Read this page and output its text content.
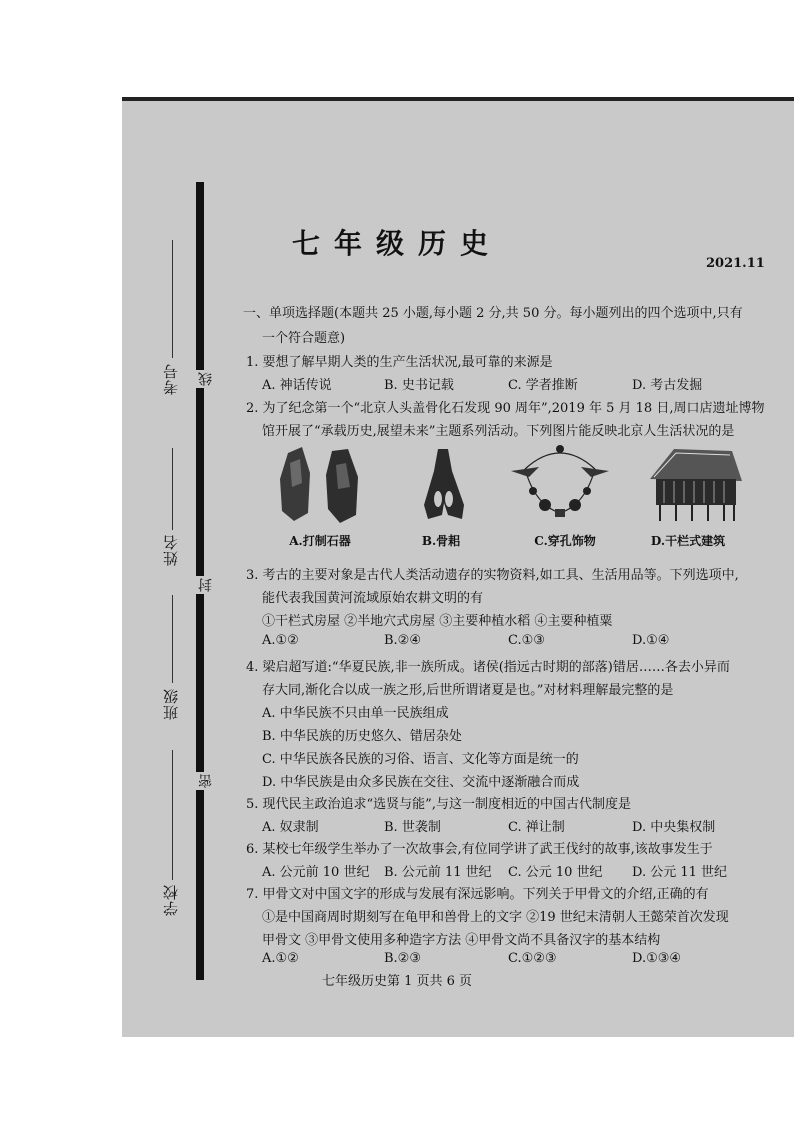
考号
姓名
班级
学校
线
封
密
七年级历史
2021.11
一、单项选择题(本题共 25 小题,每小题 2 分,共 50 分。每小题列出的四个选项中,只有
一个符合题意)
1. 要想了解早期人类的生产生活状况,最可靠的来源是
A. 神话传说	B. 史书记载	C. 学者推断	D. 考古发掘
2. 为了纪念第一个“北京人头盖骨化石发现 90 周年”,2019 年 5 月 18 日,周口店遗址博物
馆开展了“承载历史,展望未来”主题系列活动。下列图片能反映北京人生活状况的是
A.打制石器	B.骨耜	C.穿孔饰物	D.干栏式建筑
3. 考古的主要对象是古代人类活动遗存的实物资料,如工具、生活用品等。下列选项中,
能代表我国黄河流域原始农耕文明的有
①干栏式房屋 ②半地穴式房屋 ③主要种植水稻 ④主要种植粟
A.①②	B.②④	C.①③	D.①④
4. 梁启超写道:“华夏民族,非一族所成。诸侯(指远古时期的部落)错居……各去小异而
存大同,渐化合以成一族之形,后世所谓诸夏是也。”对材料理解最完整的是
A. 中华民族不只由单一民族组成
B. 中华民族的历史悠久、错居杂处
C. 中华民族各民族的习俗、语言、文化等方面是统一的
D. 中华民族是由众多民族在交往、交流中逐渐融合而成
5. 现代民主政治追求“选贤与能”,与这一制度相近的中国古代制度是
A. 奴隶制	B. 世袭制	C. 禅让制	D. 中央集权制
6. 某校七年级学生举办了一次故事会,有位同学讲了武王伐纣的故事,该故事发生于
A. 公元前 10 世纪 B. 公元前 11 世纪 C. 公元 10 世纪 D. 公元 11 世纪
7. 甲骨文对中国文字的形成与发展有深远影响。下列关于甲骨文的介绍,正确的有
①是中国商周时期刻写在龟甲和兽骨上的文字 ②19 世纪末清朝人王懿荣首次发现
甲骨文 ③甲骨文使用多种造字方法 ④甲骨文尚不具备汉字的基本结构
A.①②	B.②③	C.①②③	D.①③④
七年级历史第 1 页共 6 页
